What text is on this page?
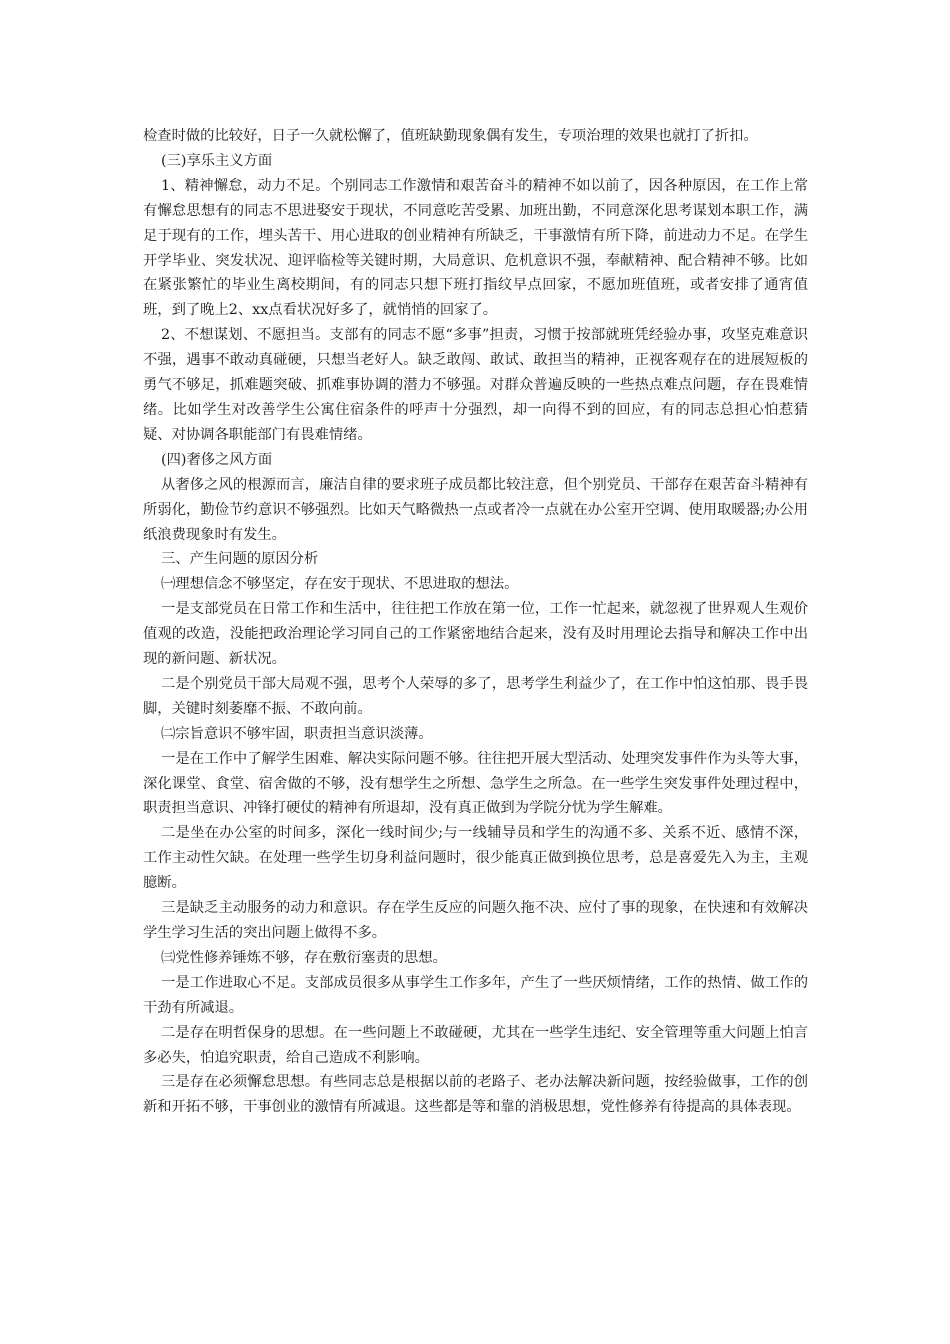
检查时做的比较好，日子一久就松懈了，值班缺勤现象偶有发生，专项治理的效果也就打了折扣。

(三)享乐主义方面

1、精神懈怠，动力不足。个别同志工作激情和艰苦奋斗的精神不如以前了，因各种原因，在工作上常有懈怠思想有的同志不思进娶安于现状，不同意吃苦受累、加班出勤，不同意深化思考谋划本职工作，满足于现有的工作，埋头苦干、用心进取的创业精神有所缺乏，干事激情有所下降，前进动力不足。在学生开学毕业、突发状况、迎评临检等关键时期，大局意识、危机意识不强，奉献精神、配合精神不够。比如在紧张繁忙的毕业生离校期间，有的同志只想下班打指纹早点回家，不愿加班值班，或者安排了通宵值班，到了晚上2、xx点看状况好多了，就悄悄的回家了。

2、不想谋划、不愿担当。支部有的同志不愿“多事”担责，习惯于按部就班凭经验办事，攻坚克难意识不强，遇事不敢动真碰硬，只想当老好人。缺乏敢闯、敢试、敢担当的精神，正视客观存在的进展短板的勇气不够足，抓难题突破、抓难事协调的潜力不够强。对群众普遍反映的一些热点难点问题，存在畏难情绪。比如学生对改善学生公寓住宿条件的呼声十分强烈，却一向得不到的回应，有的同志总担心怕惹猜疑、对协调各职能部门有畏难情绪。

(四)奢侈之风方面

从奢侈之风的根源而言，廉洁自律的要求班子成员都比较注意，但个别党员、干部存在艰苦奋斗精神有所弱化，勤俭节约意识不够强烈。比如天气略微热一点或者冷一点就在办公室开空调、使用取暖器;办公用纸浪费现象时有发生。

三、产生问题的原因分析

㈠理想信念不够坚定，存在安于现状、不思进取的想法。

一是支部党员在日常工作和生活中，往往把工作放在第一位，工作一忙起来，就忽视了世界观人生观价值观的改造，没能把政治理论学习同自己的工作紧密地结合起来，没有及时用理论去指导和解决工作中出现的新问题、新状况。

二是个别党员干部大局观不强，思考个人荣辱的多了，思考学生利益少了，在工作中怕这怕那、畏手畏脚，关键时刻萎靡不振、不敢向前。

㈡宗旨意识不够牢固，职责担当意识淡薄。

一是在工作中了解学生困难、解决实际问题不够。往往把开展大型活动、处理突发事件作为头等大事，深化课堂、食堂、宿舍做的不够，没有想学生之所想、急学生之所急。在一些学生突发事件处理过程中，职责担当意识、冲锋打硬仗的精神有所退却，没有真正做到为学院分忧为学生解难。

二是坐在办公室的时间多，深化一线时间少;与一线辅导员和学生的沟通不多、关系不近、感情不深，工作主动性欠缺。在处理一些学生切身利益问题时，很少能真正做到换位思考，总是喜爱先入为主，主观臆断。

三是缺乏主动服务的动力和意识。存在学生反应的问题久拖不决、应付了事的现象，在快速和有效解决学生学习生活的突出问题上做得不多。

㈢党性修养锤炼不够，存在敷衍塞责的思想。

一是工作进取心不足。支部成员很多从事学生工作多年，产生了一些厌烦情绪，工作的热情、做工作的干劲有所减退。

二是存在明哲保身的思想。在一些问题上不敢碰硬，尤其在一些学生违纪、安全管理等重大问题上怕言多必失，怕追究职责，给自己造成不利影响。

三是存在必须懈怠思想。有些同志总是根据以前的老路子、老办法解决新问题，按经验做事，工作的创新和开拓不够，干事创业的激情有所减退。这些都是等和靠的消极思想，党性修养有待提高的具体表现。
